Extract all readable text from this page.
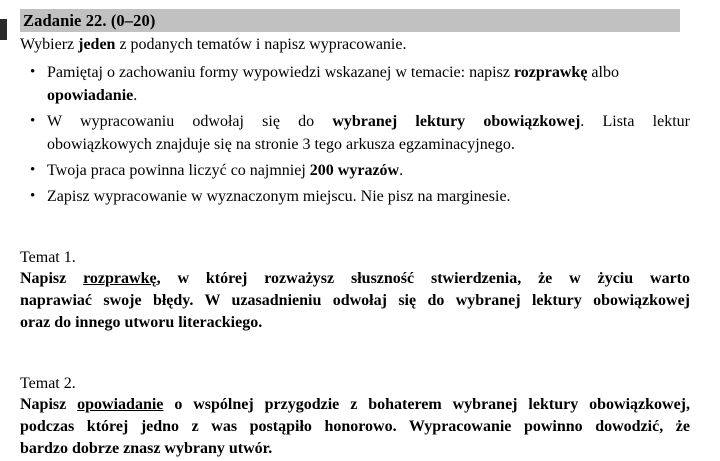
Zadanie 22. (0–20)
Wybierz jeden z podanych tematów i napisz wypracowanie.
• Pamiętaj o zachowaniu formy wypowiedzi wskazanej w temacie: napisz rozprawkę albo
opowiadanie.
• W wypracowaniu odwołaj się do wybranej lektury obowiązkowej. Lista lektur
obowiązkowych znajduje się na stronie 3 tego arkusza egzaminacyjnego.
• Twoja praca powinna liczyć co najmniej 200 wyrazów.
• Zapisz wypracowanie w wyznaczonym miejscu. Nie pisz na marginesie.
Temat 1.
Napisz rozprawkę, w której rozważysz słuszność stwierdzenia, że w życiu warto
naprawiać swoje błędy. W uzasadnieniu odwołaj się do wybranej lektury obowiązkowej
oraz do innego utworu literackiego.
Temat 2.
Napisz opowiadanie o wspólnej przygodzie z bohaterem wybranej lektury obowiązkowej,
podczas której jedno z was postąpiło honorowo. Wypracowanie powinno dowodzić, że
bardzo dobrze znasz wybrany utwór.
